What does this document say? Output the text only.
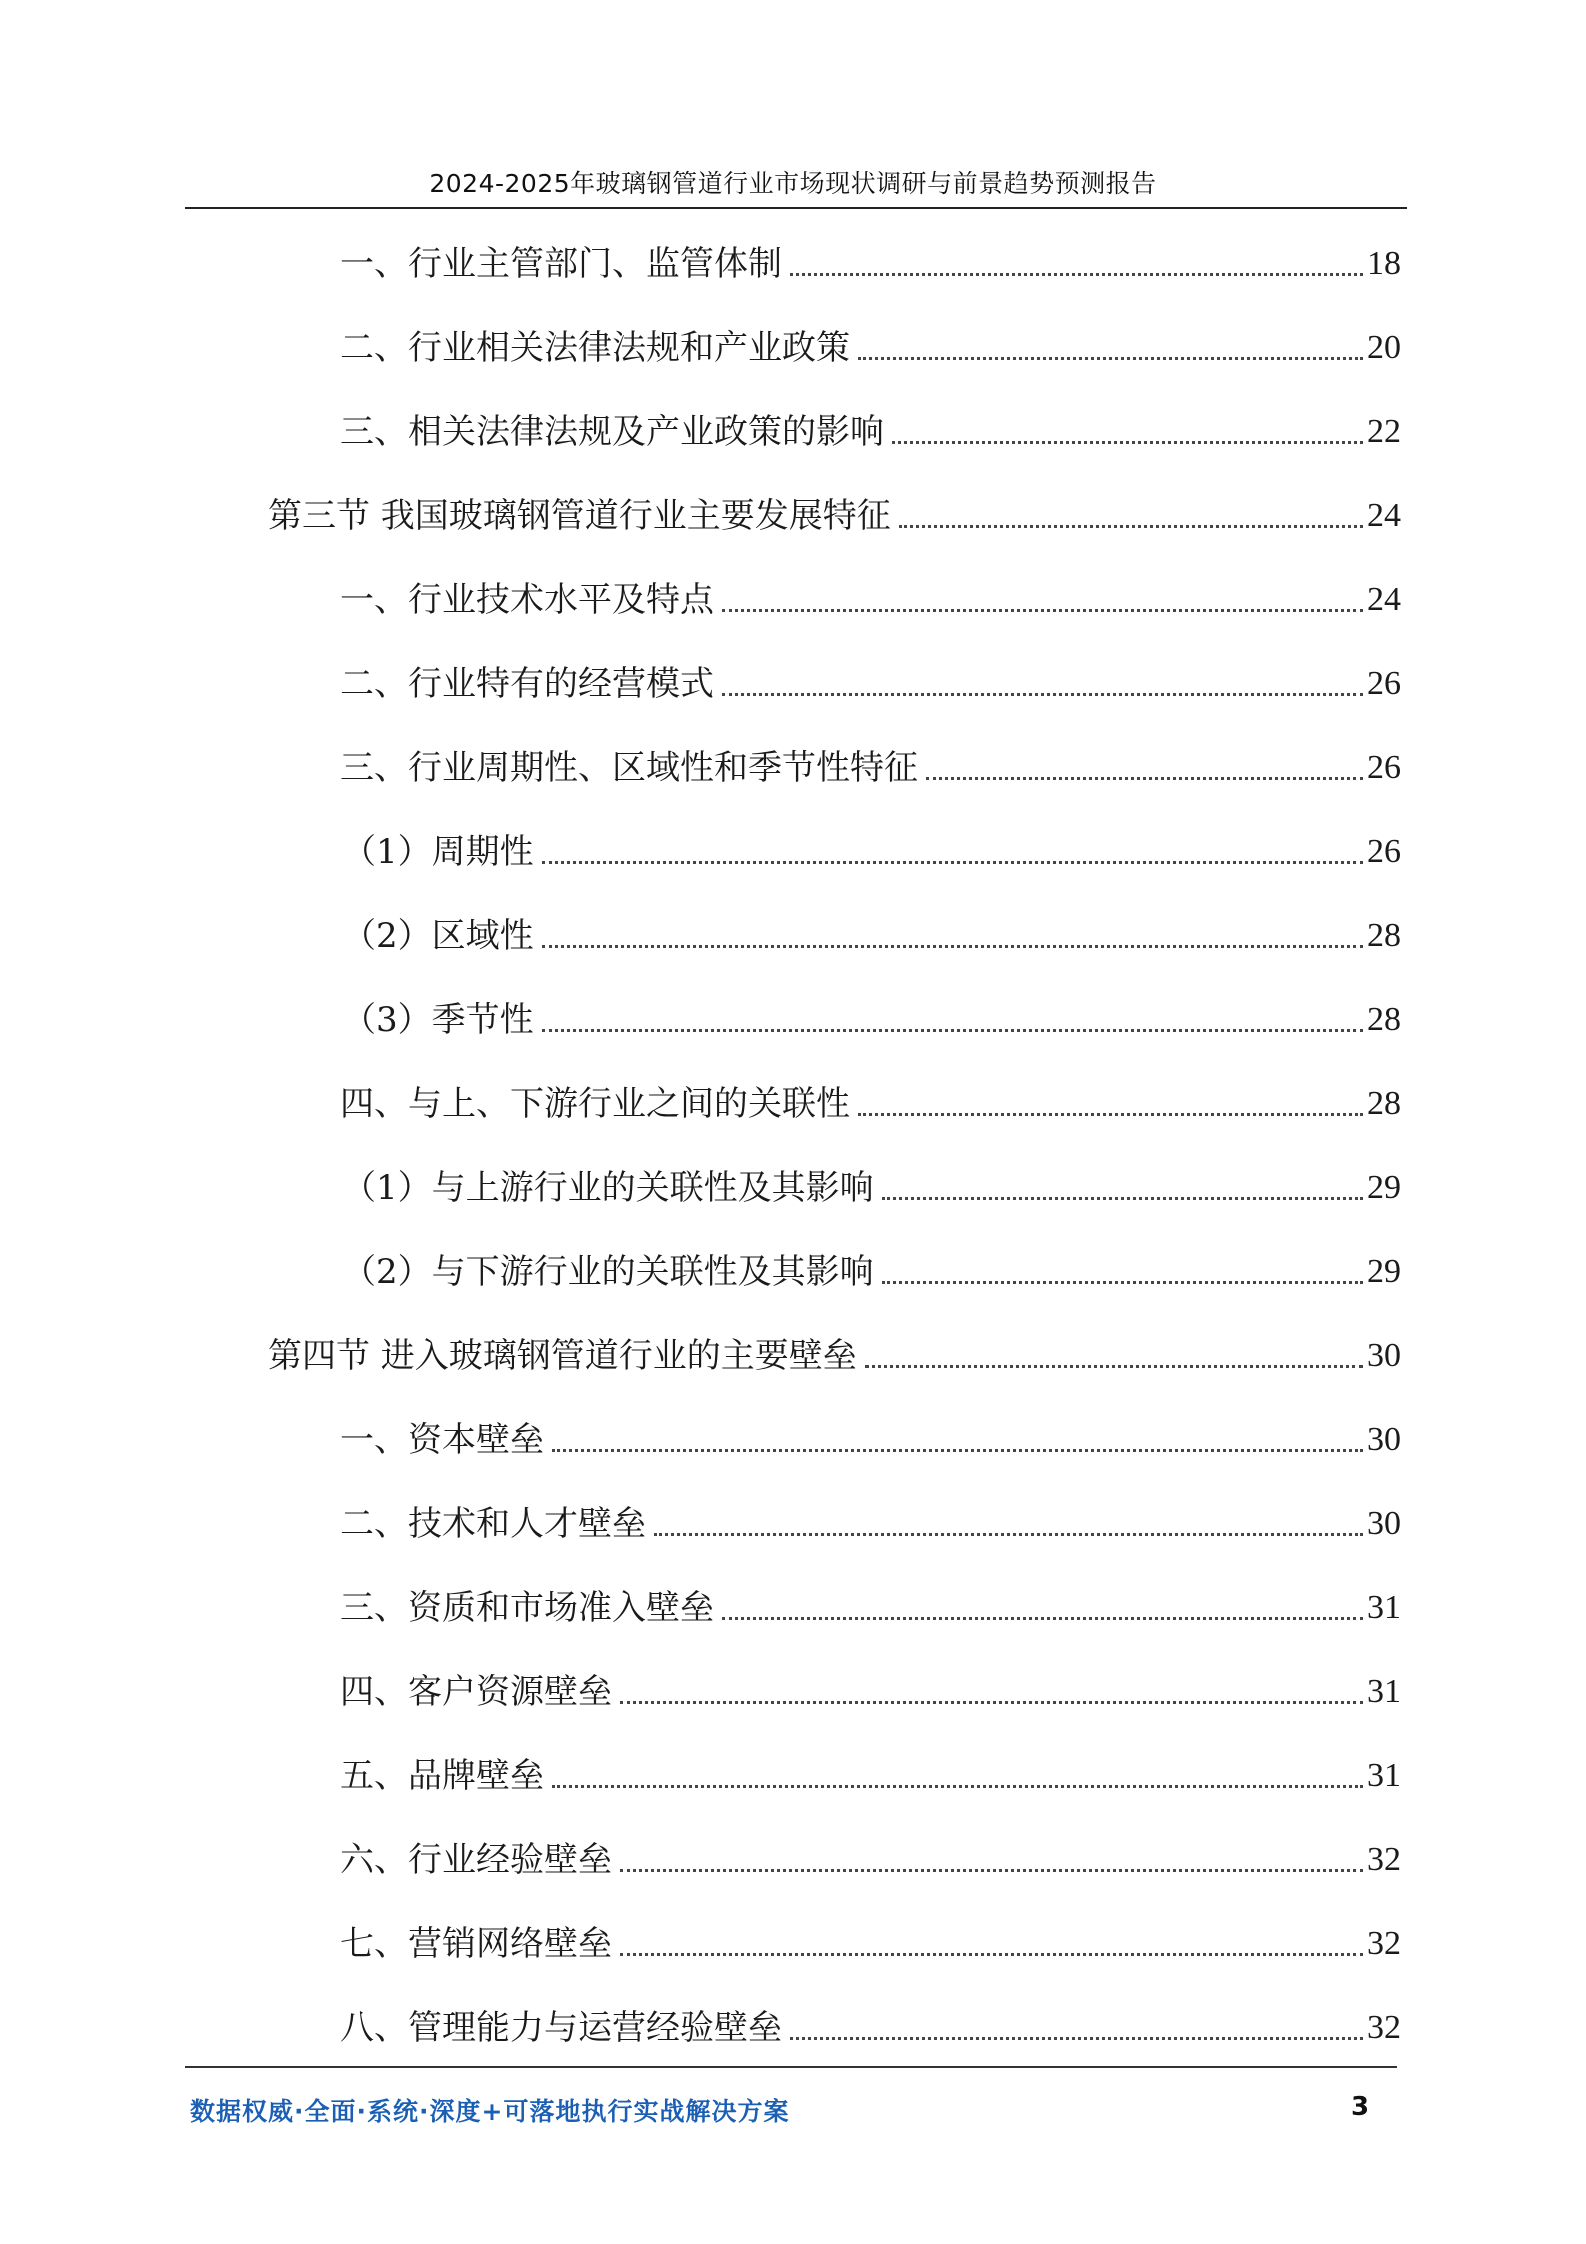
2024-2025年玻璃钢管道行业市场现状调研与前景趋势预测报告
一、行业主管部门、监管体制	18
二、行业相关法律法规和产业政策	20
三、相关法律法规及产业政策的影响	22
第三节 我国玻璃钢管道行业主要发展特征	24
一、行业技术水平及特点	24
二、行业特有的经营模式	26
三、行业周期性、区域性和季节性特征	26
（1）周期性	26
（2）区域性	28
（3）季节性	28
四、与上、下游行业之间的关联性	28
（1）与上游行业的关联性及其影响	29
（2）与下游行业的关联性及其影响	29
第四节 进入玻璃钢管道行业的主要壁垒	30
一、资本壁垒	30
二、技术和人才壁垒	30
三、资质和市场准入壁垒	31
四、客户资源壁垒	31
五、品牌壁垒	31
六、行业经验壁垒	32
七、营销网络壁垒	32
八、管理能力与运营经验壁垒	32
数据权威·全面·系统·深度+可落地执行实战解决方案	3
